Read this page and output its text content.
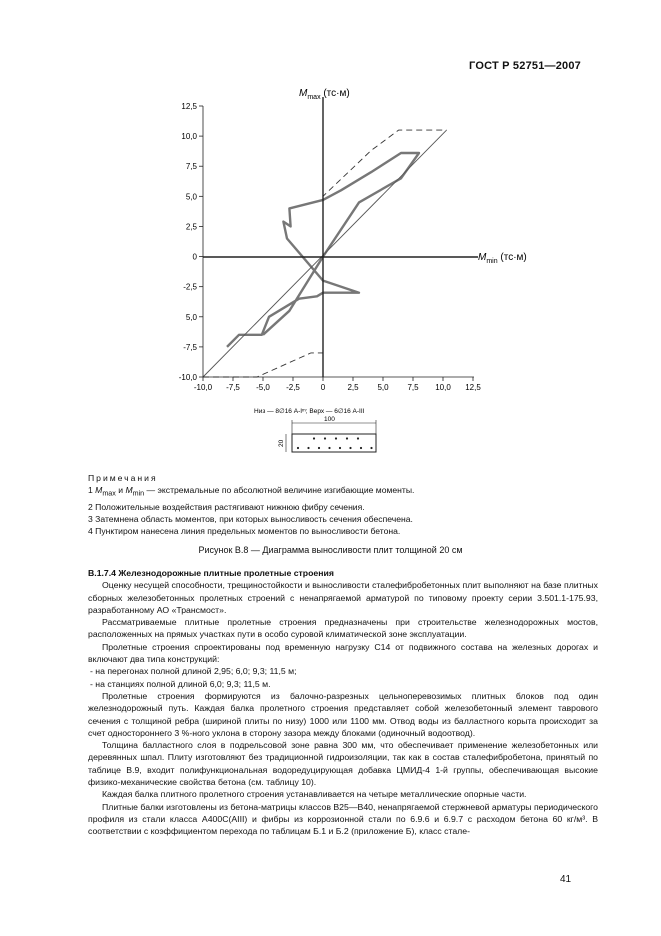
ГОСТ Р 52751—2007
-10,0 -7,5 -5,0 -2,5	0	2,5 5,0 7,5 10,0 12,5
12,5
10,0
7,5
5,0
2,5
0
-2,5
5,0
-7,5
-10,0
$M_{max}$ (тс·м)
$M_{min}$ (тс·м)
Низ — 8∅16 А-Iᵐ; Верх — 6∅16 А-III
100
20
Примечания
1 $M_{max}$ и $M_{min}$ — экстремальные по абсолютной величине изгибающие моменты.
2 Положительные воздействия растягивают нижнюю фибру сечения.
3 Затемнена область моментов, при которых выносливость сечения обеспечена.
4 Пунктиром нанесена линия предельных моментов по выносливости бетона.
Рисунок В.8 — Диаграмма выносливости плит толщиной 20 см

В.1.7.4 Железнодорожные плитные пролетные строения

Оценку несущей способности, трещиностойкости и выносливости сталефибробетонных плит выполняют на базе плитных сборных железобетонных пролетных строений с ненапрягаемой арматурой по типовому проекту серии 3.501.1-175.93, разработанному АО «Трансмост».

Рассматриваемые плитные пролетные строения предназначены при строительстве железнодорожных мостов, расположенных на прямых участках пути в особо суровой климатической зоне эксплуатации.

Пролетные строения спроектированы под временную нагрузку С14 от подвижного состава на железных дорогах и включают два типа конструкций:

- на перегонах полной длиной 2,95; 6,0; 9,3; 11,5 м;

- на станциях полной длиной 6,0; 9,3; 11,5 м.

Пролетные строения формируются из балочно-разрезных цельноперевозимых плитных блоков под один железнодорожный путь. Каждая балка пролетного строения представляет собой железобетонный элемент таврового сечения с толщиной ребра (шириной плиты по низу) 1000 или 1100 мм. Отвод воды из балластного корыта происходит за счет одностороннего 3 %-ного уклона в сторону зазора между блоками (одиночный водоотвод).

Толщина балластного слоя в подрельсовой зоне равна 300 мм, что обеспечивает применение железобетонных или деревянных шпал. Плиту изготовляют без традиционной гидроизоляции, так как в состав сталефибробетона, принятый по таблице В.9, входит полифункциональная водоредуцирующая добавка ЦМИД-4 1-й группы, обеспечивающая высокие физико-механические свойства бетона (см. таблицу 10).

Каждая балка плитного пролетного строения устанавливается на четыре металлические опорные части.

Плитные балки изготовлены из бетона-матрицы классов В25—В40, ненапрягаемой стержневой арматуры периодического профиля из стали класса А400С(AIII) и фибры из коррозионной стали по 6.9.6 и 6.9.7 с расходом бетона 60 кг/м³. В соответствии с коэффициентом перехода по таблицам Б.1 и Б.2 (приложение Б), класс стале-

41
